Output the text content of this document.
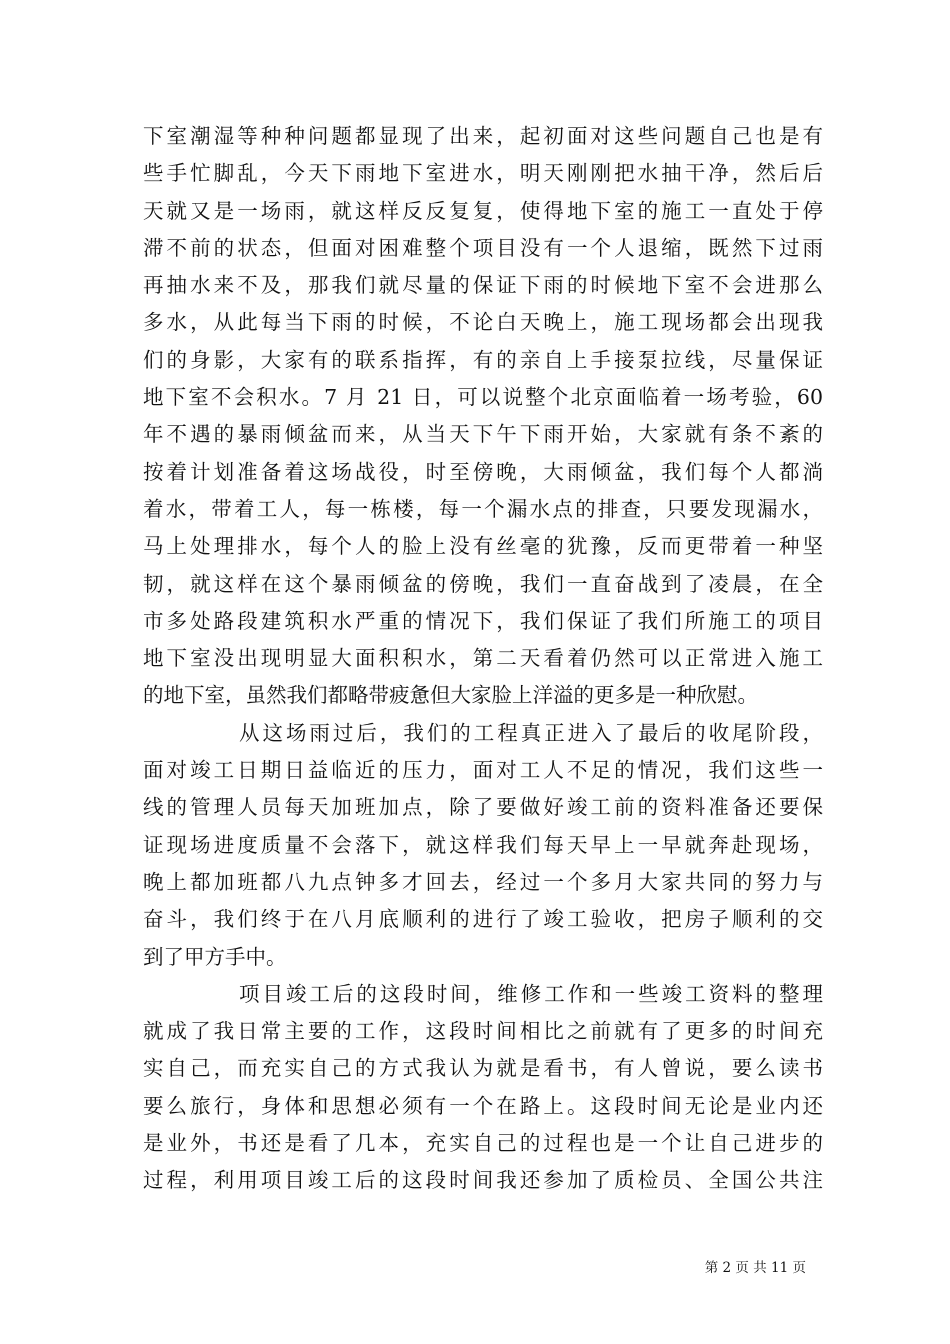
下室潮湿等种种问题都显现了出来，起初面对这些问题自己也是有
些手忙脚乱，今天下雨地下室进水，明天刚刚把水抽干净，然后后
天就又是一场雨，就这样反反复复，使得地下室的施工一直处于停
滞不前的状态，但面对困难整个项目没有一个人退缩，既然下过雨
再抽水来不及，那我们就尽量的保证下雨的时候地下室不会进那么
多水，从此每当下雨的时候，不论白天晚上，施工现场都会出现我
们的身影，大家有的联系指挥，有的亲自上手接泵拉线，尽量保证
地下室不会积水。7 月 21 日，可以说整个北京面临着一场考验，60
年不遇的暴雨倾盆而来，从当天下午下雨开始，大家就有条不紊的
按着计划准备着这场战役，时至傍晚，大雨倾盆，我们每个人都淌
着水，带着工人，每一栋楼，每一个漏水点的排查，只要发现漏水，
马上处理排水，每个人的脸上没有丝毫的犹豫，反而更带着一种坚
韧，就这样在这个暴雨倾盆的傍晚，我们一直奋战到了凌晨，在全
市多处路段建筑积水严重的情况下，我们保证了我们所施工的项目
地下室没出现明显大面积积水，第二天看着仍然可以正常进入施工
的地下室，虽然我们都略带疲惫但大家脸上洋溢的更多是一种欣慰。
从这场雨过后，我们的工程真正进入了最后的收尾阶段，
面对竣工日期日益临近的压力，面对工人不足的情况，我们这些一
线的管理人员每天加班加点，除了要做好竣工前的资料准备还要保
证现场进度质量不会落下，就这样我们每天早上一早就奔赴现场，
晚上都加班都八九点钟多才回去，经过一个多月大家共同的努力与
奋斗，我们终于在八月底顺利的进行了竣工验收，把房子顺利的交
到了甲方手中。
项目竣工后的这段时间，维修工作和一些竣工资料的整理
就成了我日常主要的工作，这段时间相比之前就有了更多的时间充
实自己，而充实自己的方式我认为就是看书，有人曾说，要么读书
要么旅行，身体和思想必须有一个在路上。这段时间无论是业内还
是业外，书还是看了几本，充实自己的过程也是一个让自己进步的
过程，利用项目竣工后的这段时间我还参加了质检员、全国公共注
第 2 页 共 11 页
